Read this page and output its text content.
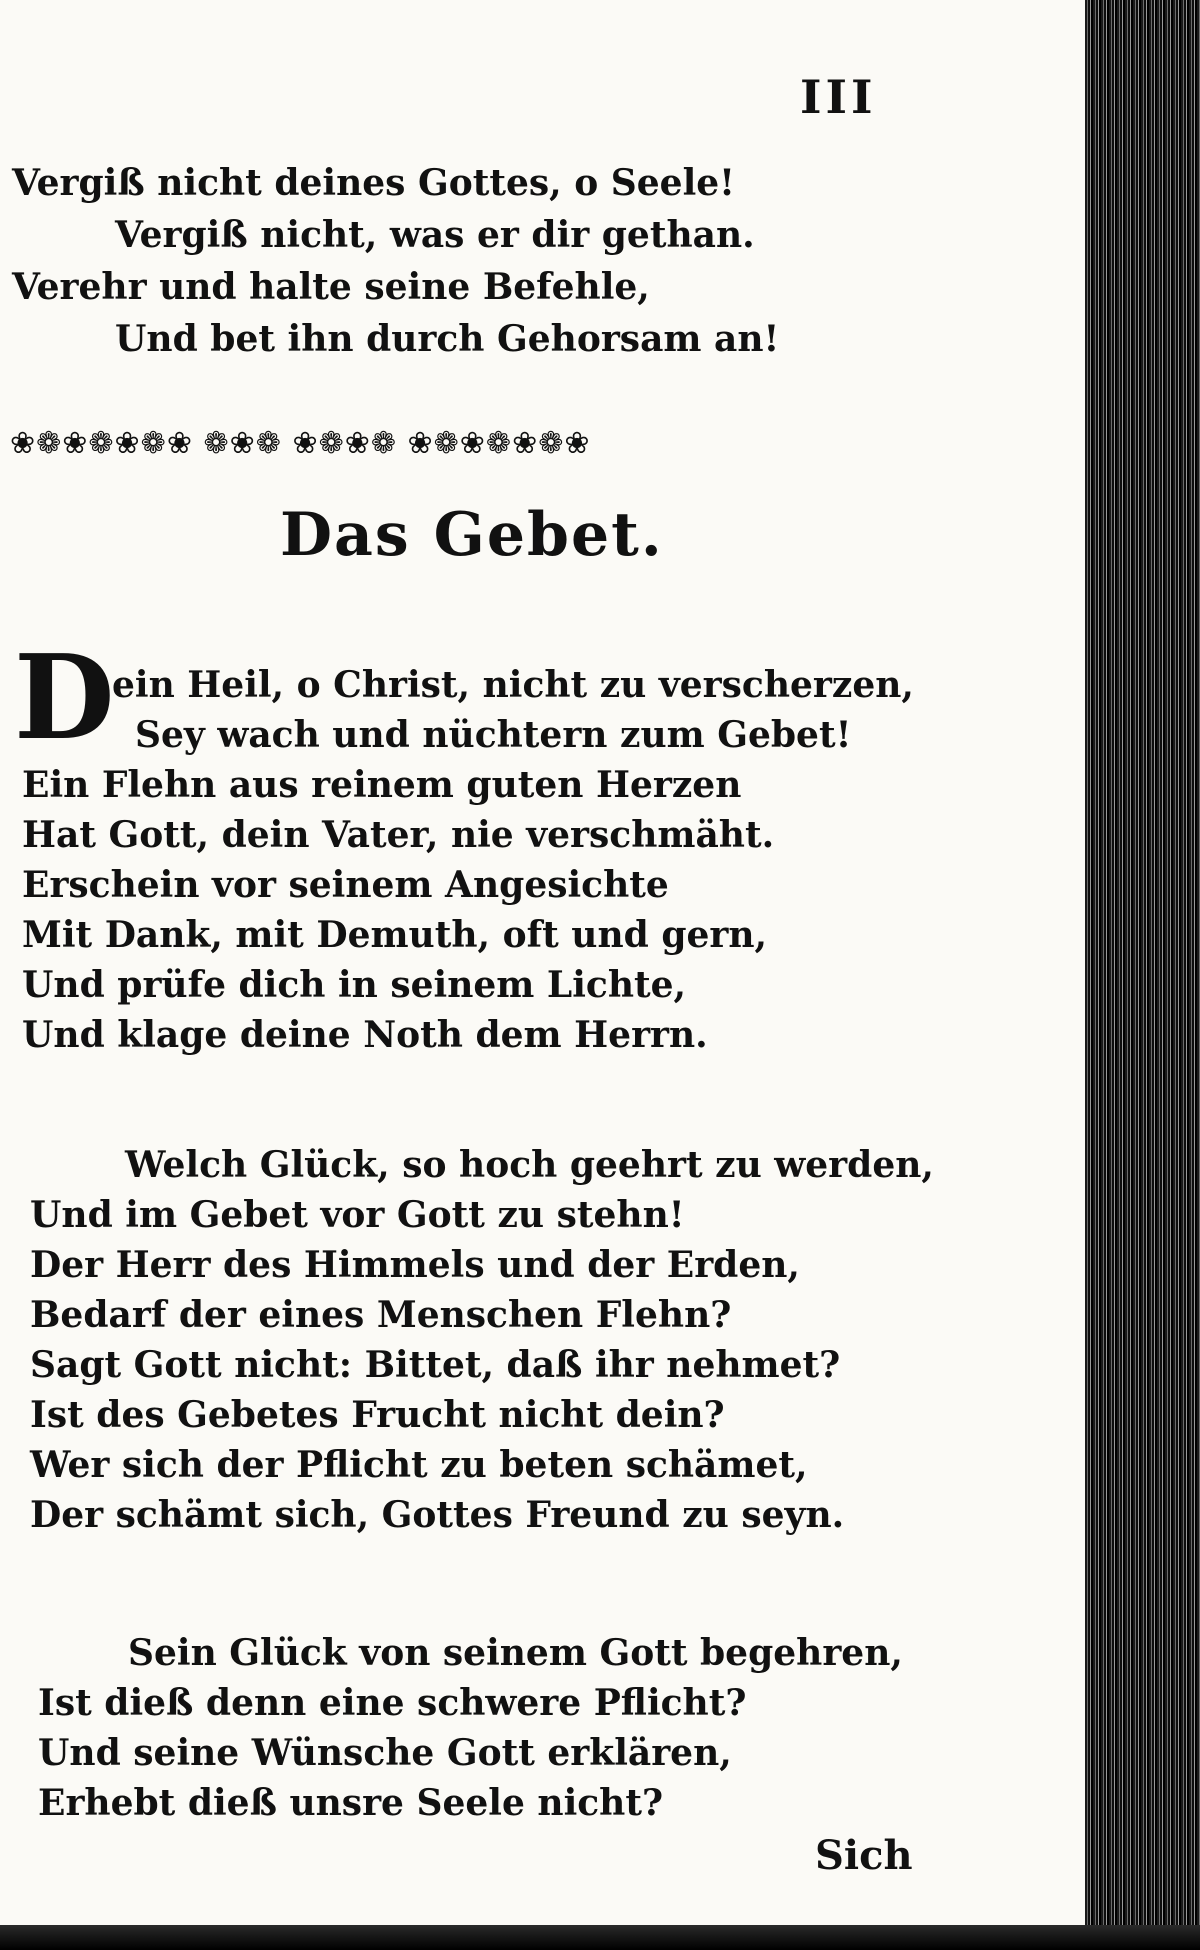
III
Vergiß nicht deines Gottes, o Seele!
Vergiß nicht, was er dir gethan.
Verehr und halte seine Befehle,
Und bet ihn durch Gehorsam an!
❀❁❀❁❀❁❀ ❁❀❁ ❀❁❀❁ ❀❁❀❁❀❁❀
Das Gebet.
D
ein Heil, o Christ, nicht zu verscherzen,
Sey wach und nüchtern zum Gebet!
Ein Flehn aus reinem guten Herzen
Hat Gott, dein Vater, nie verschmäht.
Erschein vor seinem Angesichte
Mit Dank, mit Demuth, oft und gern,
Und prüfe dich in seinem Lichte,
Und klage deine Noth dem Herrn.
Welch Glück, so hoch geehrt zu werden,
Und im Gebet vor Gott zu stehn!
Der Herr des Himmels und der Erden,
Bedarf der eines Menschen Flehn?
Sagt Gott nicht: Bittet, daß ihr nehmet?
Ist des Gebetes Frucht nicht dein?
Wer sich der Pflicht zu beten schämet,
Der schämt sich, Gottes Freund zu seyn.
Sein Glück von seinem Gott begehren,
Ist dieß denn eine schwere Pflicht?
Und seine Wünsche Gott erklären,
Erhebt dieß unsre Seele nicht?
Sich
